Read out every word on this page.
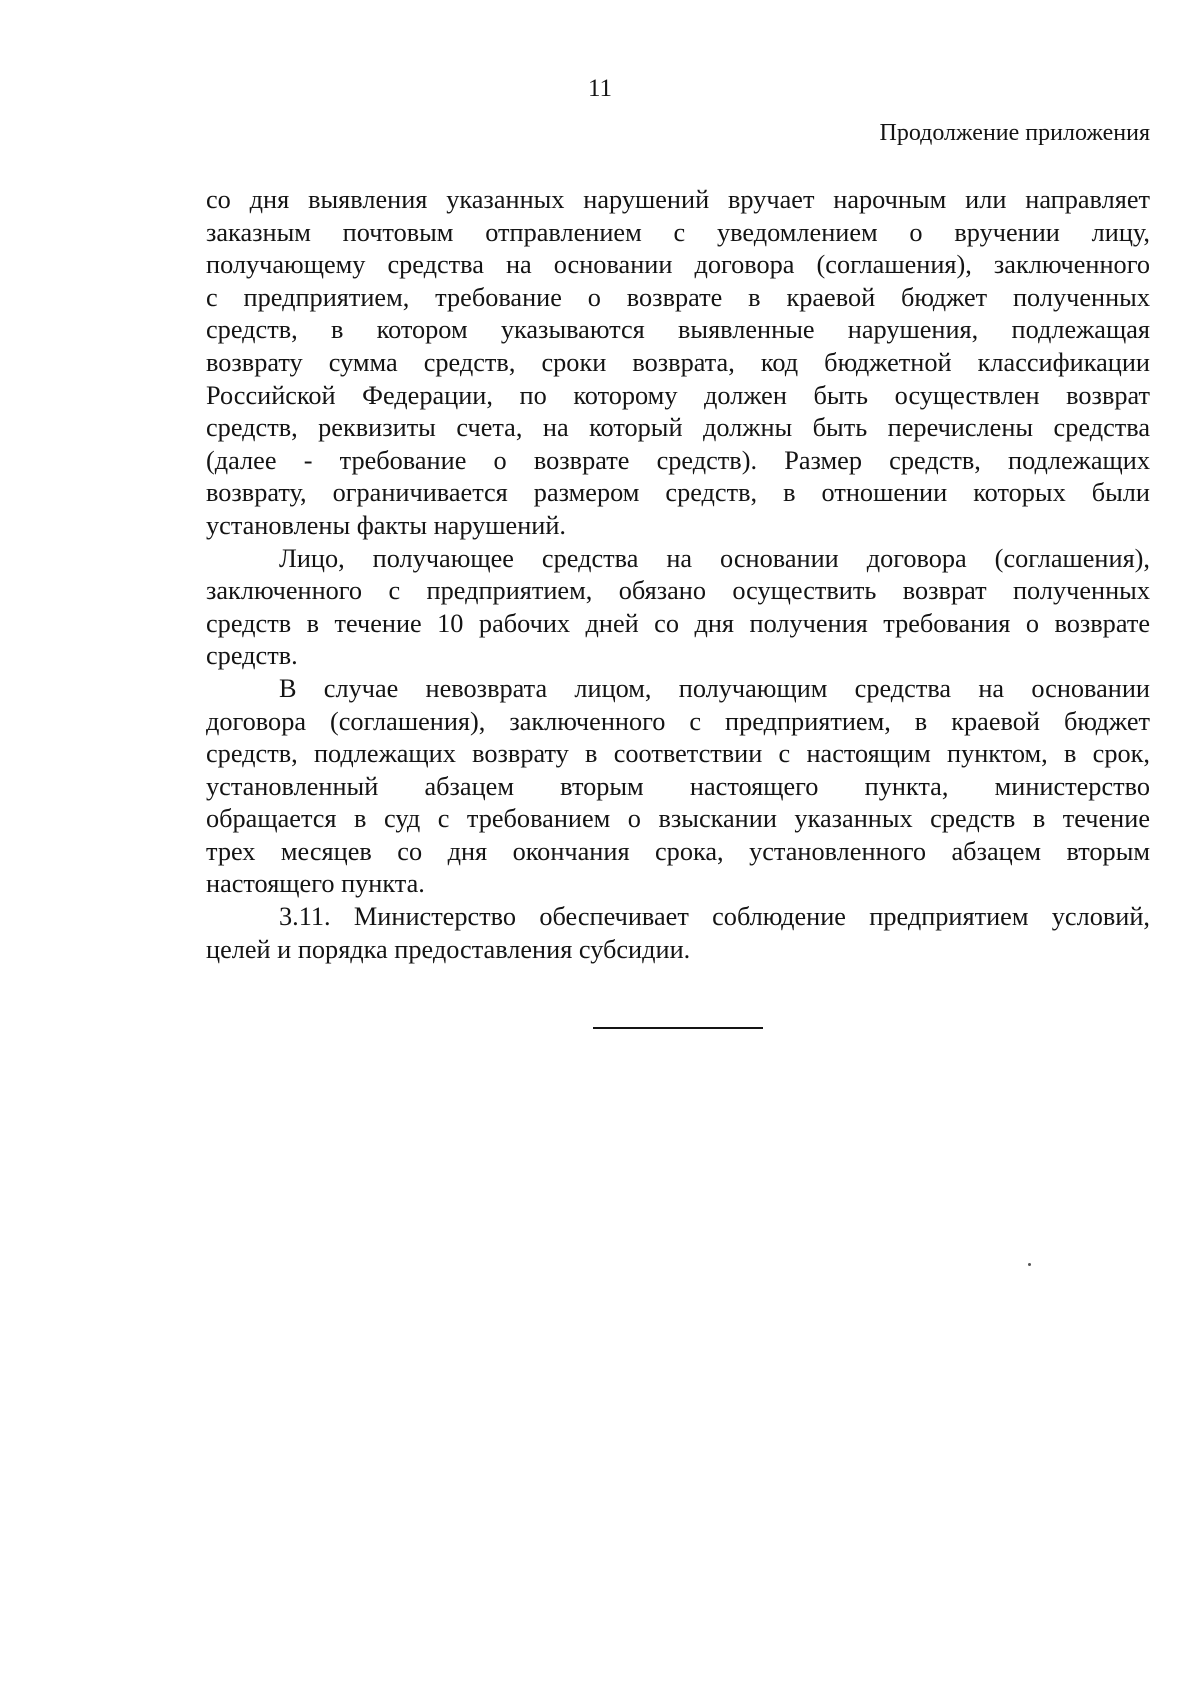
11
Продолжение приложения
со дня выявления указанных нарушений вручает нарочным или направляет
заказным почтовым отправлением с уведомлением о вручении лицу,
получающему средства на основании договора (соглашения), заключенного
с предприятием, требование о возврате в краевой бюджет полученных
средств, в котором указываются выявленные нарушения, подлежащая
возврату сумма средств, сроки возврата, код бюджетной классификации
Российской Федерации, по которому должен быть осуществлен возврат
средств, реквизиты счета, на который должны быть перечислены средства
(далее - требование о возврате средств). Размер средств, подлежащих
возврату, ограничивается размером средств, в отношении которых были
установлены факты нарушений.
Лицо, получающее средства на основании договора (соглашения),
заключенного с предприятием, обязано осуществить возврат полученных
средств в течение 10 рабочих дней со дня получения требования о возврате
средств.
В случае невозврата лицом, получающим средства на основании
договора (соглашения), заключенного с предприятием, в краевой бюджет
средств, подлежащих возврату в соответствии с настоящим пунктом, в срок,
установленный абзацем вторым настоящего пункта, министерство
обращается в суд с требованием о взыскании указанных средств в течение
трех месяцев со дня окончания срока, установленного абзацем вторым
настоящего пункта.
3.11. Министерство обеспечивает соблюдение предприятием условий,
целей и порядка предоставления субсидии.
